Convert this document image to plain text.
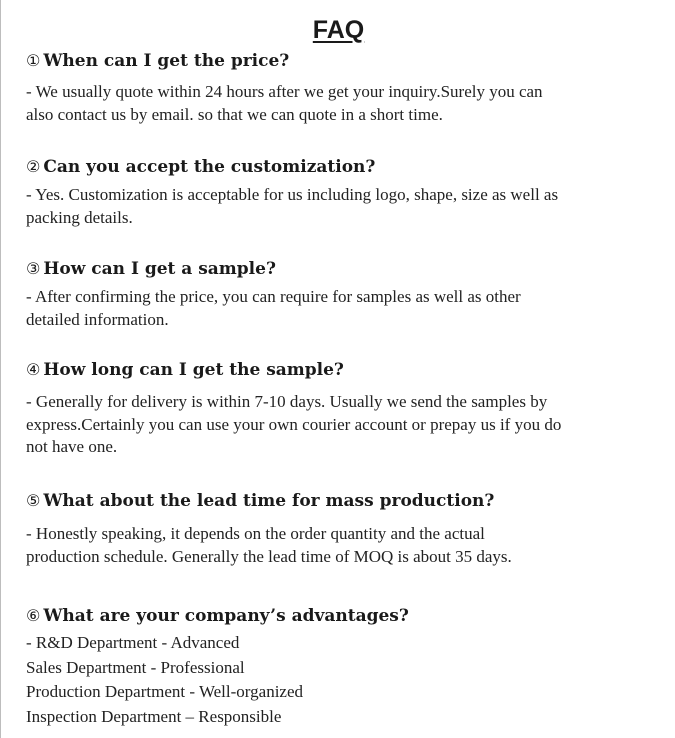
FAQ
① When can I get the price?
- We usually quote within 24 hours after we get your inquiry.Surely you can
also contact us by email. so that we can quote in a short time.
② Can you accept the customization?
- Yes. Customization is acceptable for us including logo, shape, size as well as
packing details.
③ How can I get a sample?
- After confirming the price, you can require for samples as well as other
detailed information.
④ How long can I get the sample?
- Generally for delivery is within 7-10 days. Usually we send the samples by
express.Certainly you can use your own courier account or prepay us if you do
not have one.
⑤ What about the lead time for mass production?
- Honestly speaking, it depends on the order quantity and the actual
production schedule. Generally the lead time of MOQ is about 35 days.
⑥ What are your company’s advantages?
- R&D Department - Advanced
Sales Department - Professional
Production Department - Well-organized
Inspection Department – Responsible
